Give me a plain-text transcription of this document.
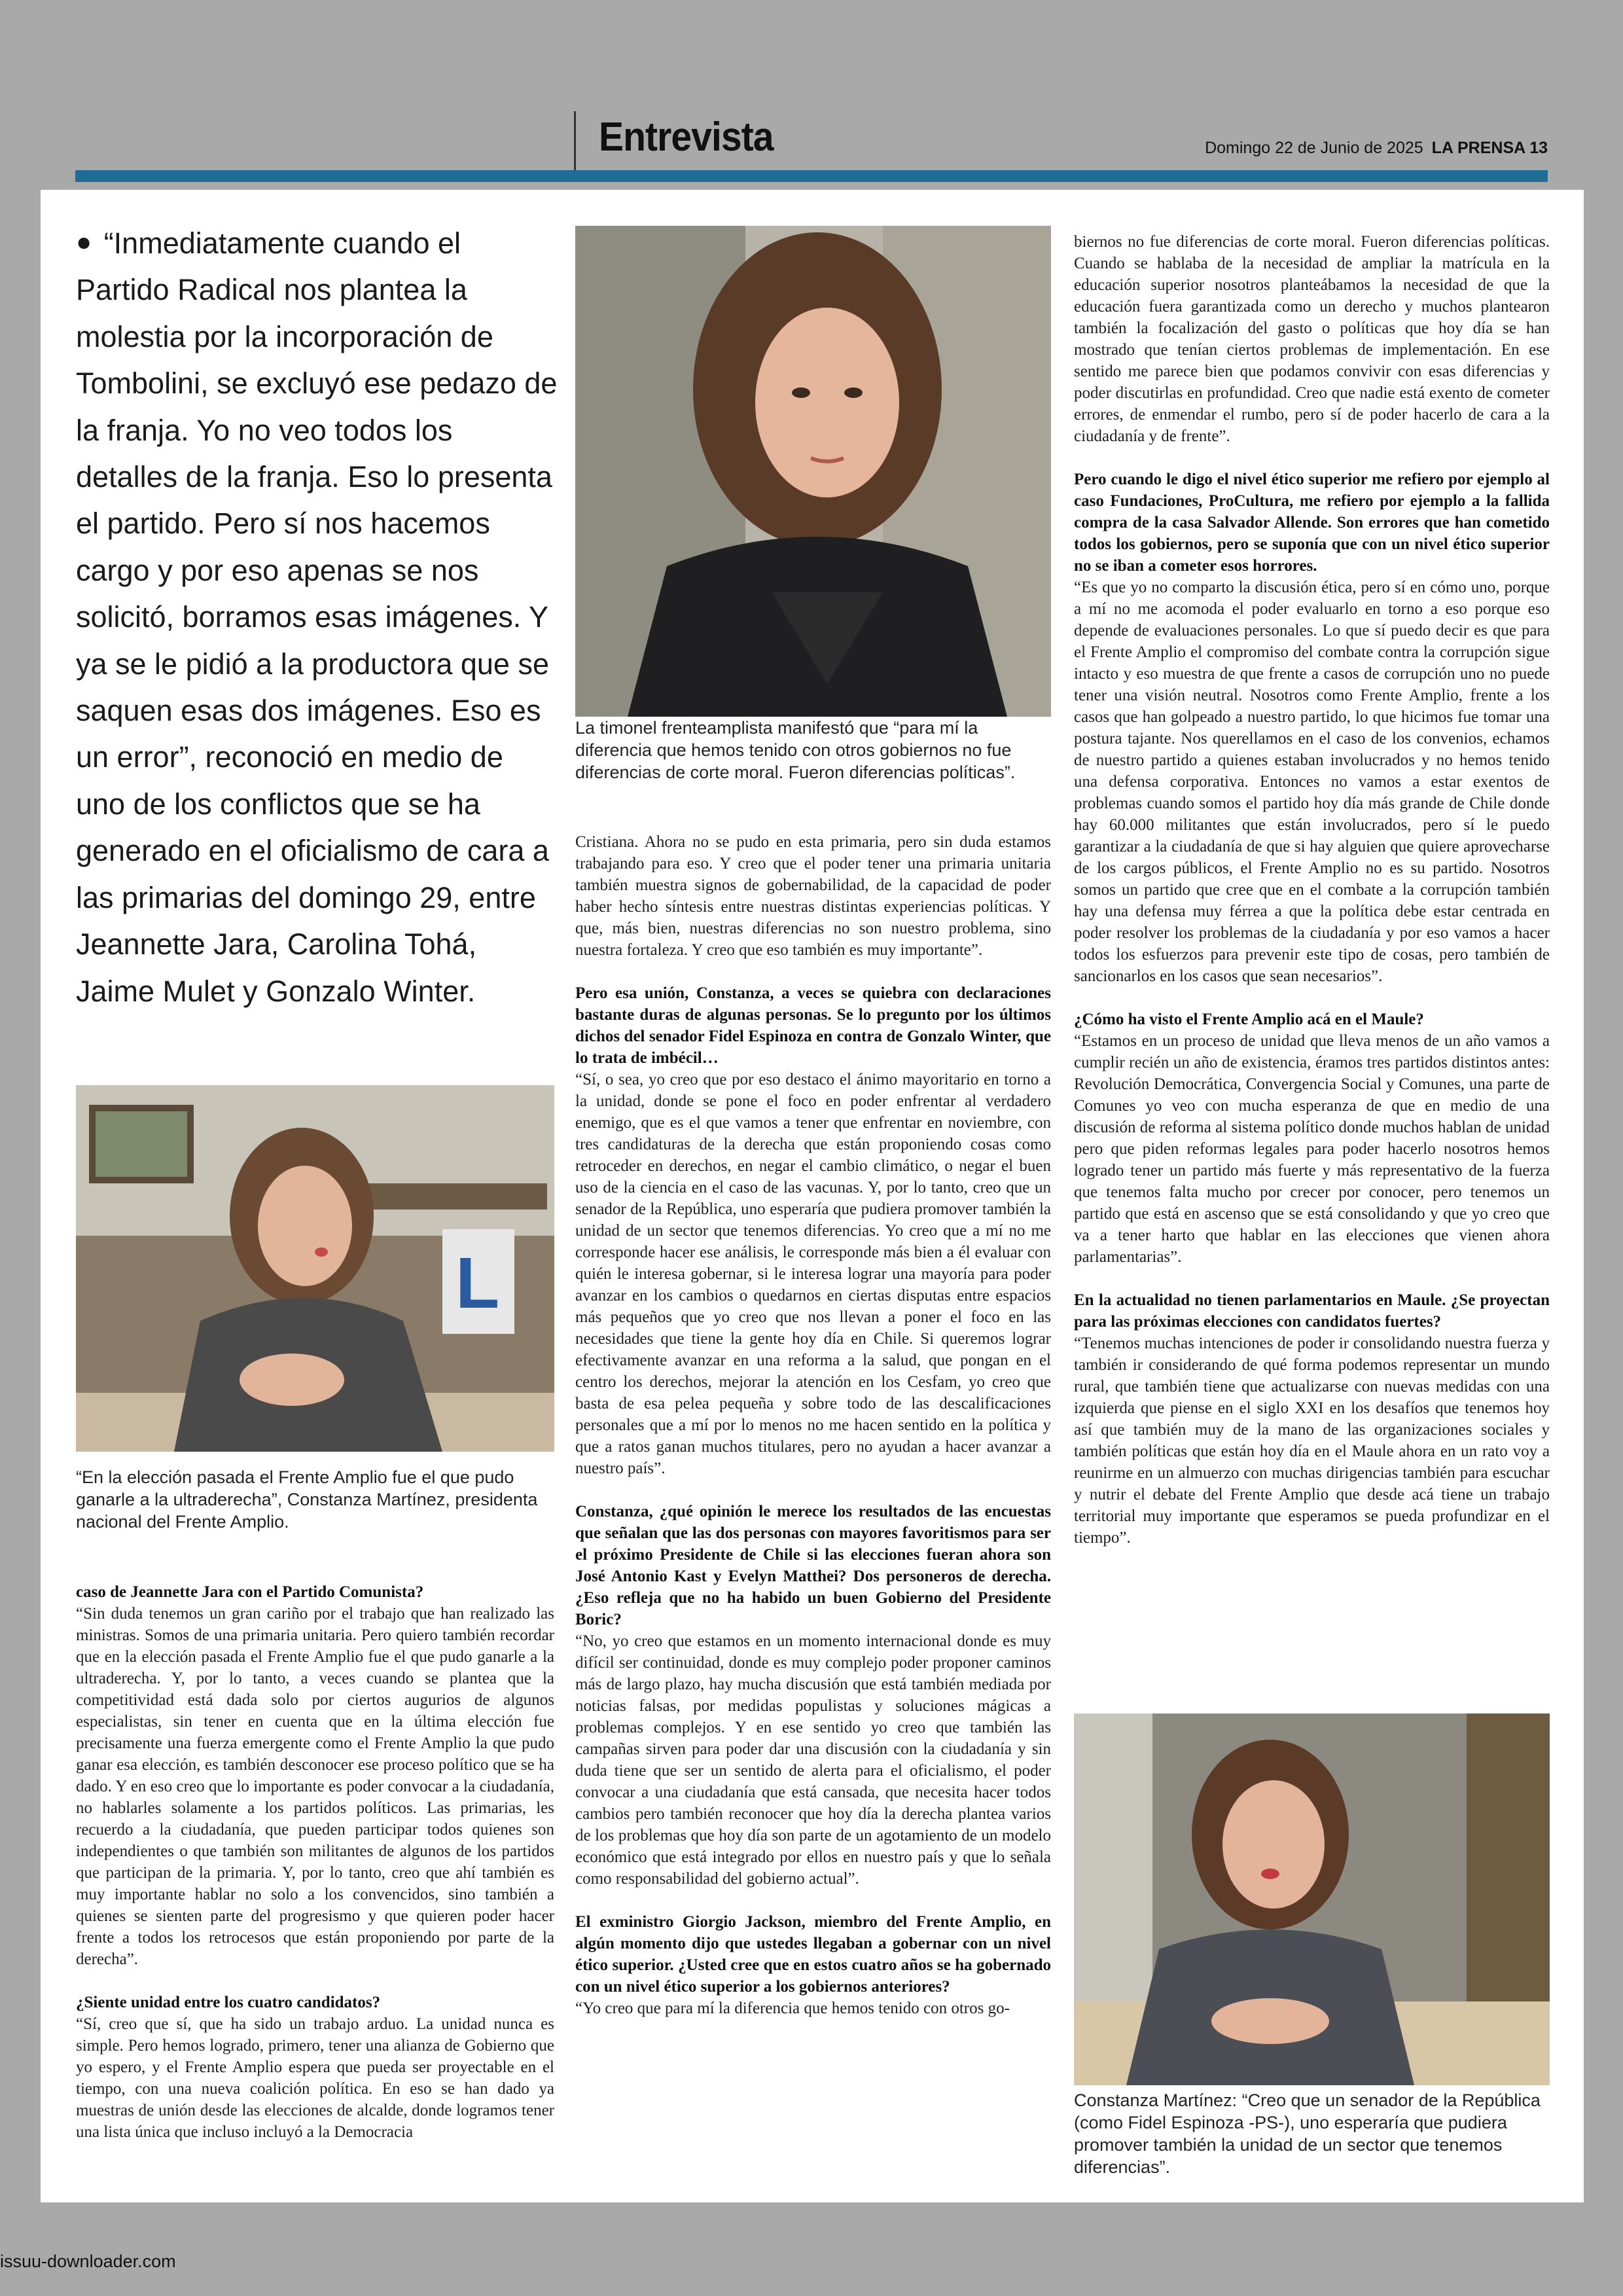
Entrevista	Domingo 22 de Junio de 2025 LA PRENSA 13
● “Inmediatamente cuando el Partido Radical nos plantea la molestia por la incorporación de Tombolini, se excluyó ese pedazo de la franja. Yo no veo todos los detalles de la franja. Eso lo presenta el partido. Pero sí nos hacemos cargo y por eso apenas se nos solicitó, borramos esas imágenes. Y ya se le pidió a la productora que se saquen esas dos imágenes. Eso es un error”, reconoció en medio de uno de los conflictos que se ha generado en el oficialismo de cara a las primarias del domingo 29, entre Jeannette Jara, Carolina Tohá, Jaime Mulet y Gonzalo Winter.
L
“En la elección pasada el Frente Amplio fue el que pudo ganarle a la ultraderecha”, Constanza Martínez, presidenta nacional del Frente Amplio.

caso de Jeannette Jara con el Partido Comunista?

“Sin duda tenemos un gran cariño por el trabajo que han realizado las ministras. Somos de una primaria unitaria. Pero quiero también recordar que en la elección pasada el Frente Amplio fue el que pudo ganarle a la ultraderecha. Y, por lo tanto, a veces cuando se plantea que la competitividad está dada solo por ciertos augurios de algunos especialistas, sin tener en cuenta que en la última elección fue precisamente una fuerza emergente como el Frente Amplio la que pudo ganar esa elección, es también desconocer ese proceso político que se ha dado. Y en eso creo que lo importante es poder convocar a la ciudadanía, no hablarles solamente a los partidos políticos. Las primarias, les recuerdo a la ciudadanía, que pueden participar todos quienes son independientes o que también son militantes de algunos de los partidos que participan de la primaria. Y, por lo tanto, creo que ahí también es muy importante hablar no solo a los convencidos, sino también a quienes se sienten parte del progresismo y que quieren poder hacer frente a todos los retrocesos que están proponiendo por parte de la derecha”.

¿Siente unidad entre los cuatro candidatos?

“Sí, creo que sí, que ha sido un trabajo arduo. La unidad nunca es simple. Pero hemos logrado, primero, tener una alianza de Gobierno que yo espero, y el Frente Amplio espera que pueda ser proyectable en el tiempo, con una nueva coalición política. En eso se han dado ya muestras de unión desde las elecciones de alcalde, donde logramos tener una lista única que incluso incluyó a la Democracia

La timonel frenteamplista manifestó que “para mí la diferencia que hemos tenido con otros gobiernos no fue diferencias de corte moral. Fueron diferencias políticas”.

Cristiana. Ahora no se pudo en esta primaria, pero sin duda estamos trabajando para eso. Y creo que el poder tener una primaria unitaria también muestra signos de gobernabilidad, de la capacidad de poder haber hecho síntesis entre nuestras distintas experiencias políticas. Y que, más bien, nuestras diferencias no son nuestro problema, sino nuestra fortaleza. Y creo que eso también es muy importante”.

Pero esa unión, Constanza, a veces se quiebra con declaraciones bastante duras de algunas personas. Se lo pregunto por los últimos dichos del senador Fidel Espinoza en contra de Gonzalo Winter, que lo trata de imbécil…

“Sí, o sea, yo creo que por eso destaco el ánimo mayoritario en torno a la unidad, donde se pone el foco en poder enfrentar al verdadero enemigo, que es el que vamos a tener que enfrentar en noviembre, con tres candidaturas de la derecha que están proponiendo cosas como retroceder en derechos, en negar el cambio climático, o negar el buen uso de la ciencia en el caso de las vacunas. Y, por lo tanto, creo que un senador de la República, uno esperaría que pudiera promover también la unidad de un sector que tenemos diferencias. Yo creo que a mí no me corresponde hacer ese análisis, le corresponde más bien a él evaluar con quién le interesa gobernar, si le interesa lograr una mayoría para poder avanzar en los cambios o quedarnos en ciertas disputas entre espacios más pequeños que yo creo que nos llevan a poner el foco en las necesidades que tiene la gente hoy día en Chile. Si queremos lograr efectivamente avanzar en una reforma a la salud, que pongan en el centro los derechos, mejorar la atención en los Cesfam, yo creo que basta de esa pelea pequeña y sobre todo de las descalificaciones personales que a mí por lo menos no me hacen sentido en la política y que a ratos ganan muchos titulares, pero no ayudan a hacer avanzar a nuestro país”.

Constanza, ¿qué opinión le merece los resultados de las encuestas que señalan que las dos personas con mayores favoritismos para ser el próximo Presidente de Chile si las elecciones fueran ahora son José Antonio Kast y Evelyn Matthei? Dos personeros de derecha. ¿Eso refleja que no ha habido un buen Gobierno del Presidente Boric?

“No, yo creo que estamos en un momento internacional donde es muy difícil ser continuidad, donde es muy complejo poder proponer caminos más de largo plazo, hay mucha discusión que está también mediada por noticias falsas, por medidas populistas y soluciones mágicas a problemas complejos. Y en ese sentido yo creo que también las campañas sirven para poder dar una discusión con la ciudadanía y sin duda tiene que ser un sentido de alerta para el oficialismo, el poder convocar a una ciudadanía que está cansada, que necesita hacer todos cambios pero también reconocer que hoy día la derecha plantea varios de los problemas que hoy día son parte de un agotamiento de un modelo económico que está integrado por ellos en nuestro país y que lo señala como responsabilidad del gobierno actual”.

El exministro Giorgio Jackson, miembro del Frente Amplio, en algún momento dijo que ustedes llegaban a gobernar con un nivel ético superior. ¿Usted cree que en estos cuatro años se ha gobernado con un nivel ético superior a los gobiernos anteriores?

“Yo creo que para mí la diferencia que hemos tenido con otros go-

biernos no fue diferencias de corte moral. Fueron diferencias políticas. Cuando se hablaba de la necesidad de ampliar la matrícula en la educación superior nosotros planteábamos la necesidad de que la educación fuera garantizada como un derecho y muchos plantearon también la focalización del gasto o políticas que hoy día se han mostrado que tenían ciertos problemas de implementación. En ese sentido me parece bien que podamos convivir con esas diferencias y poder discutirlas en profundidad. Creo que nadie está exento de cometer errores, de enmendar el rumbo, pero sí de poder hacerlo de cara a la ciudadanía y de frente”.

Pero cuando le digo el nivel ético superior me refiero por ejemplo al caso Fundaciones, ProCultura, me refiero por ejemplo a la fallida compra de la casa Salvador Allende. Son errores que han cometido todos los gobiernos, pero se suponía que con un nivel ético superior no se iban a cometer esos horrores.

“Es que yo no comparto la discusión ética, pero sí en cómo uno, porque a mí no me acomoda el poder evaluarlo en torno a eso porque eso depende de evaluaciones personales. Lo que sí puedo decir es que para el Frente Amplio el compromiso del combate contra la corrupción sigue intacto y eso muestra de que frente a casos de corrupción uno no puede tener una visión neutral. Nosotros como Frente Amplio, frente a los casos que han golpeado a nuestro partido, lo que hicimos fue tomar una postura tajante. Nos querellamos en el caso de los convenios, echamos de nuestro partido a quienes estaban involucrados y no hemos tenido una defensa corporativa. Entonces no vamos a estar exentos de problemas cuando somos el partido hoy día más grande de Chile donde hay 60.000 militantes que están involucrados, pero sí le puedo garantizar a la ciudadanía de que si hay alguien que quiere aprovecharse de los cargos públicos, el Frente Amplio no es su partido. Nosotros somos un partido que cree que en el combate a la corrupción también hay una defensa muy férrea a que la política debe estar centrada en poder resolver los problemas de la ciudadanía y por eso vamos a hacer todos los esfuerzos para prevenir este tipo de cosas, pero también de sancionarlos en los casos que sean necesarios”.

¿Cómo ha visto el Frente Amplio acá en el Maule?

“Estamos en un proceso de unidad que lleva menos de un año vamos a cumplir recién un año de existencia, éramos tres partidos distintos antes: Revolución Democrática, Convergencia Social y Comunes, una parte de Comunes yo veo con mucha esperanza de que en medio de una discusión de reforma al sistema político donde muchos hablan de unidad pero que piden reformas legales para poder hacerlo nosotros hemos logrado tener un partido más fuerte y más representativo de la fuerza que tenemos falta mucho por crecer por conocer, pero tenemos un partido que está en ascenso que se está consolidando y que yo creo que va a tener harto que hablar en las elecciones que vienen ahora parlamentarias”.

En la actualidad no tienen parlamentarios en Maule. ¿Se proyectan para las próximas elecciones con candidatos fuertes?

“Tenemos muchas intenciones de poder ir consolidando nuestra fuerza y también ir considerando de qué forma podemos representar un mundo rural, que también tiene que actualizarse con nuevas medidas con una izquierda que piense en el siglo XXI en los desafíos que tenemos hoy así que también muy de la mano de las organizaciones sociales y también políticas que están hoy día en el Maule ahora en un rato voy a reunirme en un almuerzo con muchas dirigencias también para escuchar y nutrir el debate del Frente Amplio que desde acá tiene un trabajo territorial muy importante que esperamos se pueda profundizar en el tiempo”.

Constanza Martínez: “Creo que un senador de la República (como Fidel Espinoza -PS-), uno esperaría que pudiera promover también la unidad de un sector que tenemos diferencias”.
issuu-downloader.com
